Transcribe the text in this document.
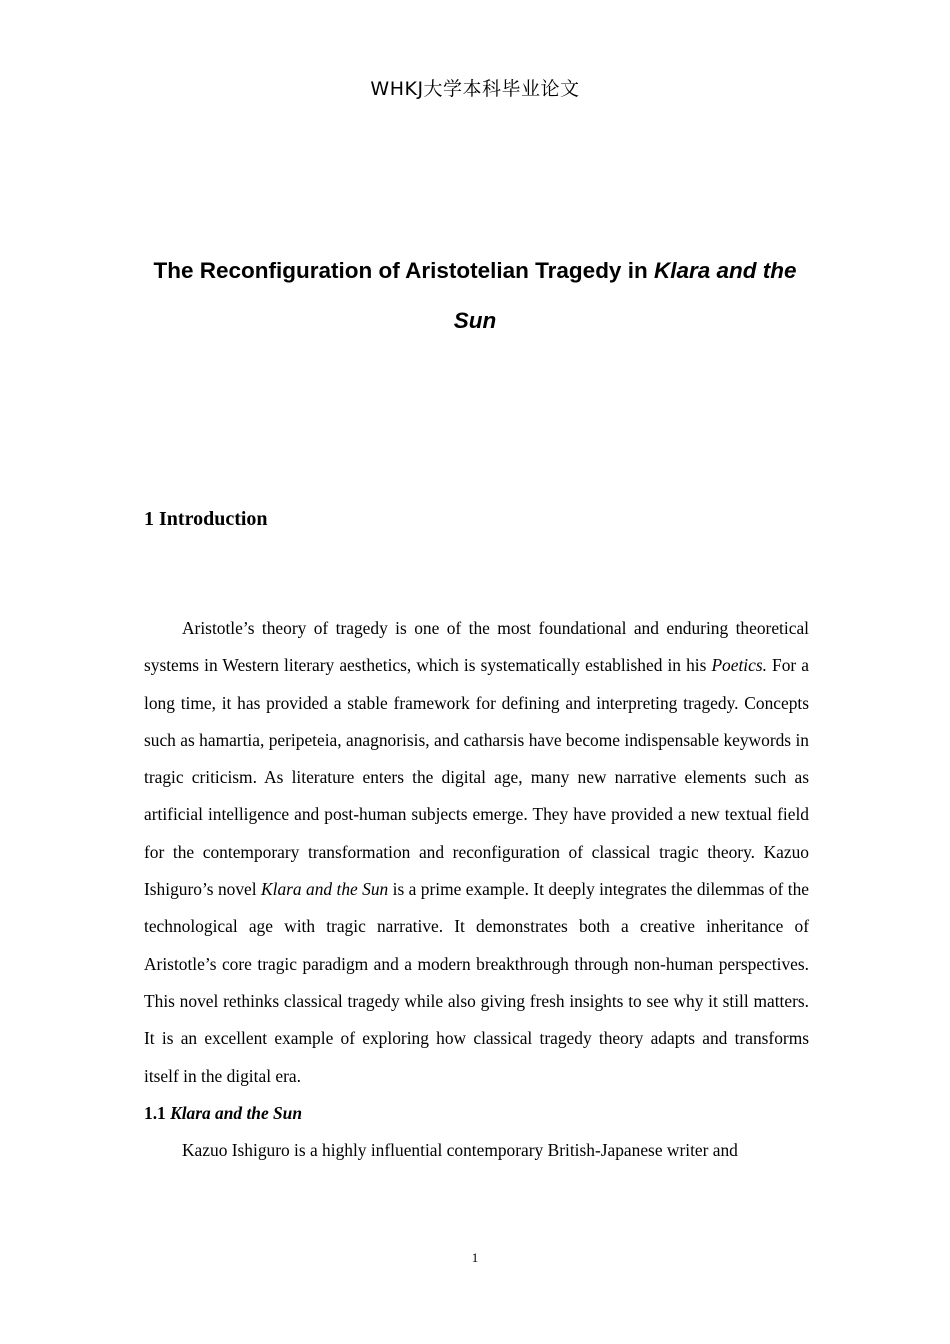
WHKJ大学本科毕业论文
The Reconfiguration of Aristotelian Tragedy in Klara and the Sun
1 Introduction

Aristotle’s theory of tragedy is one of the most foundational and enduring theoretical systems in Western literary aesthetics, which is systematically established in his Poetics. For a long time, it has provided a stable framework for defining and interpreting tragedy. Concepts such as hamartia, peripeteia, anagnorisis, and catharsis have become indispensable keywords in tragic criticism. As literature enters the digital age, many new narrative elements such as artificial intelligence and post-human subjects emerge. They have provided a new textual field for the contemporary transformation and reconfiguration of classical tragic theory. Kazuo Ishiguro’s novel Klara and the Sun is a prime example. It deeply integrates the dilemmas of the technological age with tragic narrative. It demonstrates both a creative inheritance of Aristotle’s core tragic paradigm and a modern breakthrough through non-human perspectives. This novel rethinks classical tragedy while also giving fresh insights to see why it still matters. It is an excellent example of exploring how classical tragedy theory adapts and transforms itself in the digital era.

1.1 Klara and the Sun

Kazuo Ishiguro is a highly influential contemporary British-Japanese writer and

1
